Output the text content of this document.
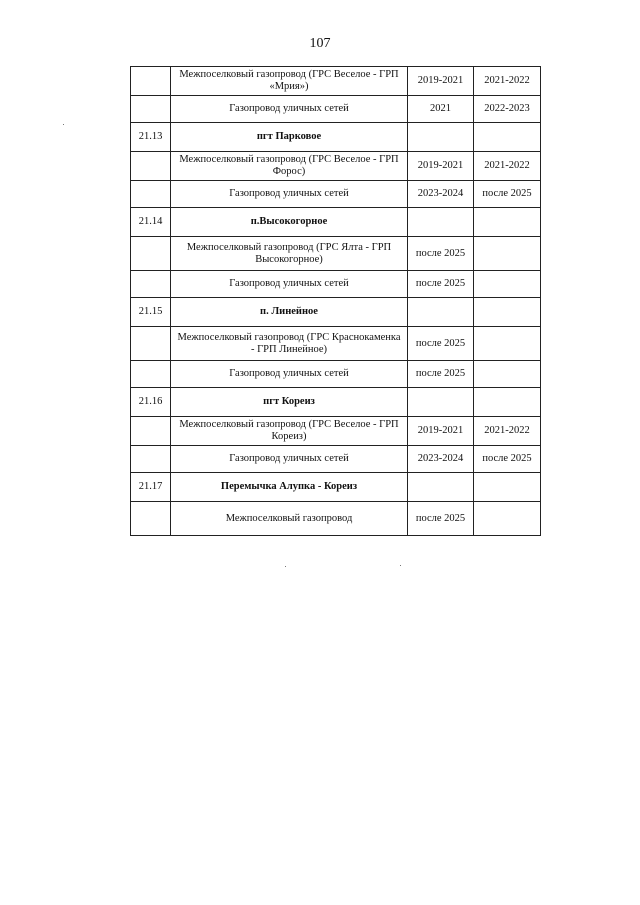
107
	Межпоселковый газопровод (ГРС Веселое - ГРП «Мрия»)	2019-2021	2021-2022
	Газопровод уличных сетей	2021	2022-2023
21.13	пгт Парковое		
	Межпоселковый газопровод (ГРС Веселое - ГРП Форос)	2019-2021	2021-2022
	Газопровод уличных сетей	2023-2024	после 2025
21.14	п.Высокогорное		
	Межпоселковый газопровод (ГРС Ялта - ГРП Высокогорное)	после 2025	
	Газопровод уличных сетей	после 2025	
21.15	п. Линейное		
	Межпоселковый газопровод (ГРС Краснокаменка - ГРП Линейное)	после 2025	
	Газопровод уличных сетей	после 2025	
21.16	пгт Кореиз		
	Межпоселковый газопровод (ГРС Веселое - ГРП Кореиз)	2019-2021	2021-2022
	Газопровод уличных сетей	2023-2024	после 2025
21.17	Перемычка Алупка - Кореиз		
	Межпоселковый газопровод	после 2025	
